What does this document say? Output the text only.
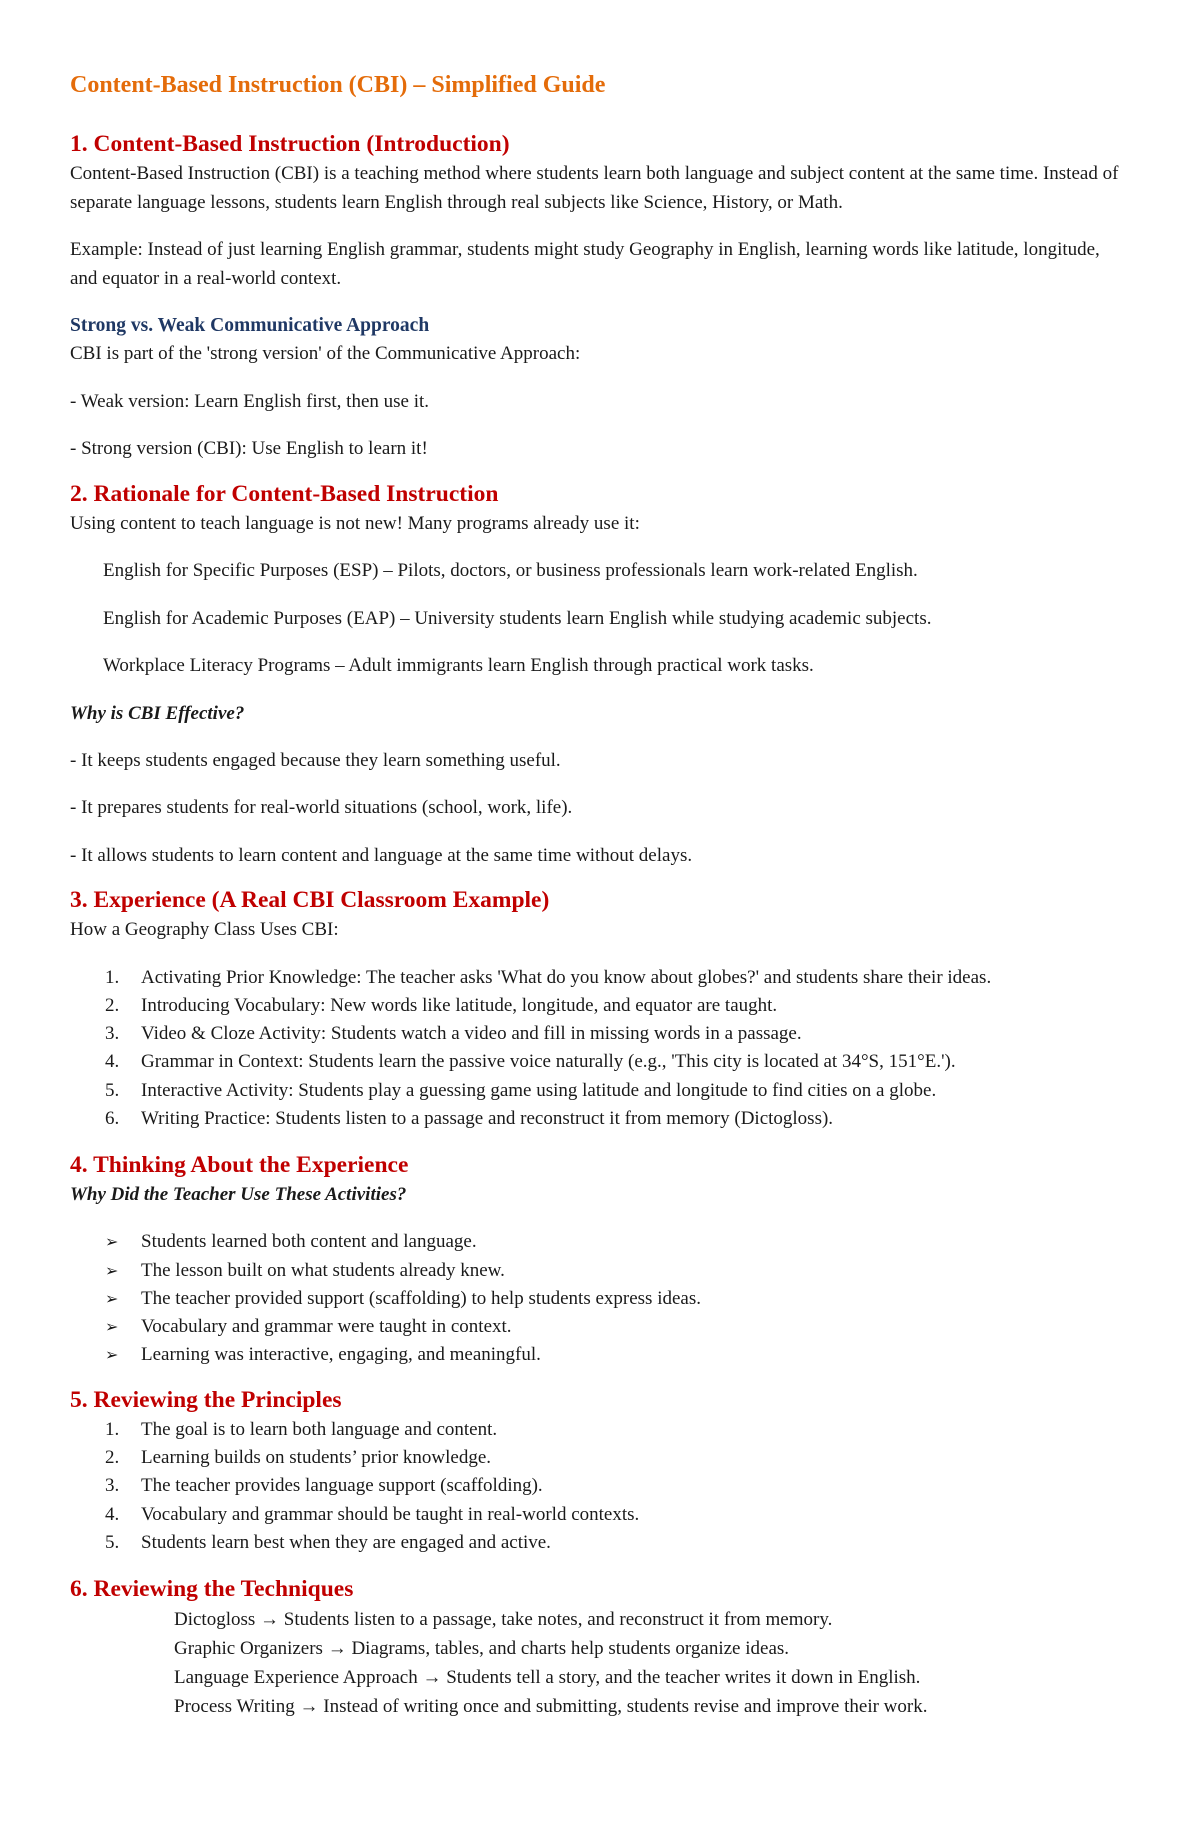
Content-Based Instruction (CBI) – Simplified Guide
1. Content-Based Instruction (Introduction)

Content-Based Instruction (CBI) is a teaching method where students learn both language and subject content at the same time. Instead of separate language lessons, students learn English through real subjects like Science, History, or Math.

Example: Instead of just learning English grammar, students might study Geography in English, learning words like latitude, longitude, and equator in a real-world context.

Strong vs. Weak Communicative Approach

CBI is part of the 'strong version' of the Communicative Approach:

- Weak version: Learn English first, then use it.

- Strong version (CBI): Use English to learn it!

2. Rationale for Content-Based Instruction

Using content to teach language is not new! Many programs already use it:

English for Specific Purposes (ESP) – Pilots, doctors, or business professionals learn work-related English.

English for Academic Purposes (EAP) – University students learn English while studying academic subjects.

Workplace Literacy Programs – Adult immigrants learn English through practical work tasks.

Why is CBI Effective?

- It keeps students engaged because they learn something useful.

- It prepares students for real-world situations (school, work, life).

- It allows students to learn content and language at the same time without delays.

3. Experience (A Real CBI Classroom Example)

How a Geography Class Uses CBI:

1. Activating Prior Knowledge: The teacher asks 'What do you know about globes?' and students share their ideas.
2. Introducing Vocabulary: New words like latitude, longitude, and equator are taught.
3. Video & Cloze Activity: Students watch a video and fill in missing words in a passage.
4. Grammar in Context: Students learn the passive voice naturally (e.g., 'This city is located at 34°S, 151°E.').
5. Interactive Activity: Students play a guessing game using latitude and longitude to find cities on a globe.
6. Writing Practice: Students listen to a passage and reconstruct it from memory (Dictogloss).
4. Thinking About the Experience

Why Did the Teacher Use These Activities?

➢ Students learned both content and language.
➢ The lesson built on what students already knew.
➢ The teacher provided support (scaffolding) to help students express ideas.
➢ Vocabulary and grammar were taught in context.
➢ Learning was interactive, engaging, and meaningful.
5. Reviewing the Principles
1. The goal is to learn both language and content.
2. Learning builds on students’ prior knowledge.
3. The teacher provides language support (scaffolding).
4. Vocabulary and grammar should be taught in real-world contexts.
5. Students learn best when they are engaged and active.
6. Reviewing the Techniques
Dictogloss → Students listen to a passage, take notes, and reconstruct it from memory.
Graphic Organizers → Diagrams, tables, and charts help students organize ideas.
Language Experience Approach → Students tell a story, and the teacher writes it down in English.
Process Writing → Instead of writing once and submitting, students revise and improve their work.
